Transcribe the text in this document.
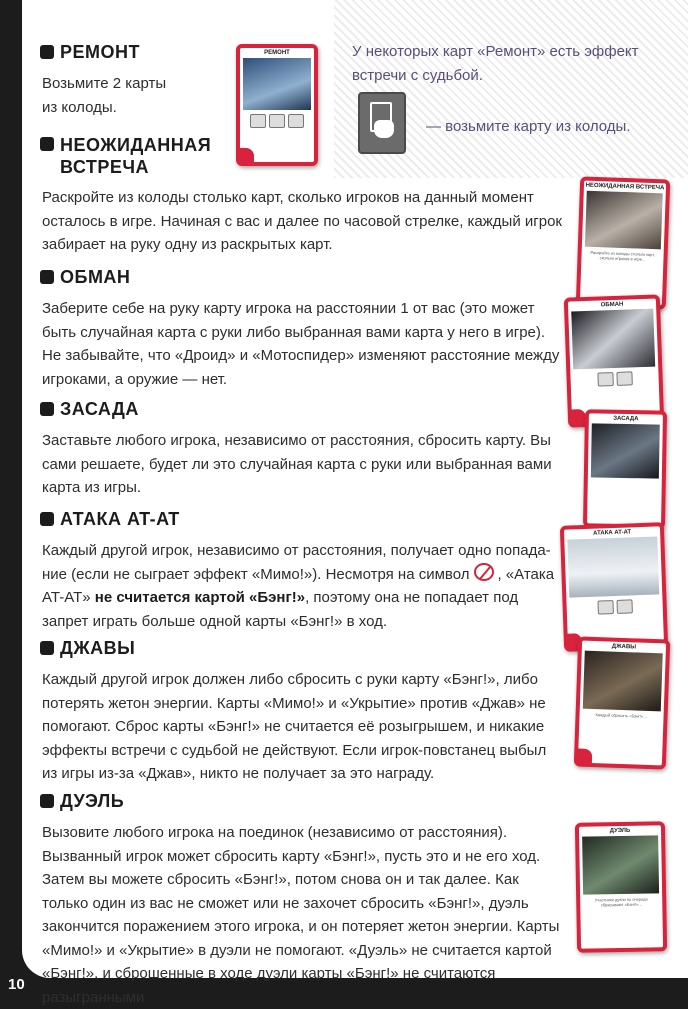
У некоторых карт «Ремонт» есть эффект встречи с судьбой.
— возьмите карту из колоды.
РЕМОНТ
Возьмите 2 карты из колоды.
РЕМОНТ
НЕОЖИДАННАЯ
ВСТРЕЧА
Раскройте из колоды столько карт, сколько игроков на данный момент осталось в игре. Начиная с вас и далее по часовой стрелке, каждый игрок забирает на руку одну из раскрытых карт.
НЕОЖИДАННАЯ ВСТРЕЧА
Раскройте из колоды столько карт, сколько игроков в игре...
ОБМАН
Заберите себе на руку карту игрока на расстоянии 1 от вас (это может быть случайная карта с руки либо выбранная вами карта у него в игре). Не забывайте, что «Дроид» и «Мотоспидер» изменяют расстояние между игроками, а оружие — нет.
ОБМАН
ЗАСАДА
Заставьте любого игрока, независимо от расстояния, сбросить карту. Вы сами решаете, будет ли это случайная карта с руки или выбранная вами карта из игры.
ЗАСАДА
АТАКА AT-AT
Каждый другой игрок, независимо от расстояния, получает одно попада-ние (если не сыграет эффект «Мимо!»). Несмотря на символ , «Атака AT-AT» не считается картой «Бэнг!», поэтому она не попадает под запрет играть больше одной карты «Бэнг!» в ход.
АТАКА AT-AT
ДЖАВЫ
Каждый другой игрок должен либо сбросить с руки карту «Бэнг!», либо потерять жетон энергии. Карты «Мимо!» и «Укрытие» против «Джав» не помогают. Сброс карты «Бэнг!» не считается её розыгрышем, и никакие эффекты встречи с судьбой не действуют. Если игрок-повстанец выбыл из игры из-за «Джав», никто не получает за это награду.
ДЖАВЫ
Каждый сбросить «Бэнг!» ...
ДУЭЛЬ
Вызовите любого игрока на поединок (независимо от расстояния). Вызванный игрок может сбросить карту «Бэнг!», пусть это и не его ход. Затем вы можете сбросить «Бэнг!», потом снова он и так далее. Как только один из вас не сможет или не захочет сбросить «Бэнг!», дуэль закончится поражением этого игрока, и он потеряет жетон энергии. Карты «Мимо!» и «Укрытие» в дуэли не помогают. «Дуэль» не считается картой «Бэнг!», и сброшенные в ходе дуэли карты «Бэнг!» не считаются разыгранными
ДУЭЛЬ
Участники дуэли по очереди сбрасывают «Бэнг!»...
10
